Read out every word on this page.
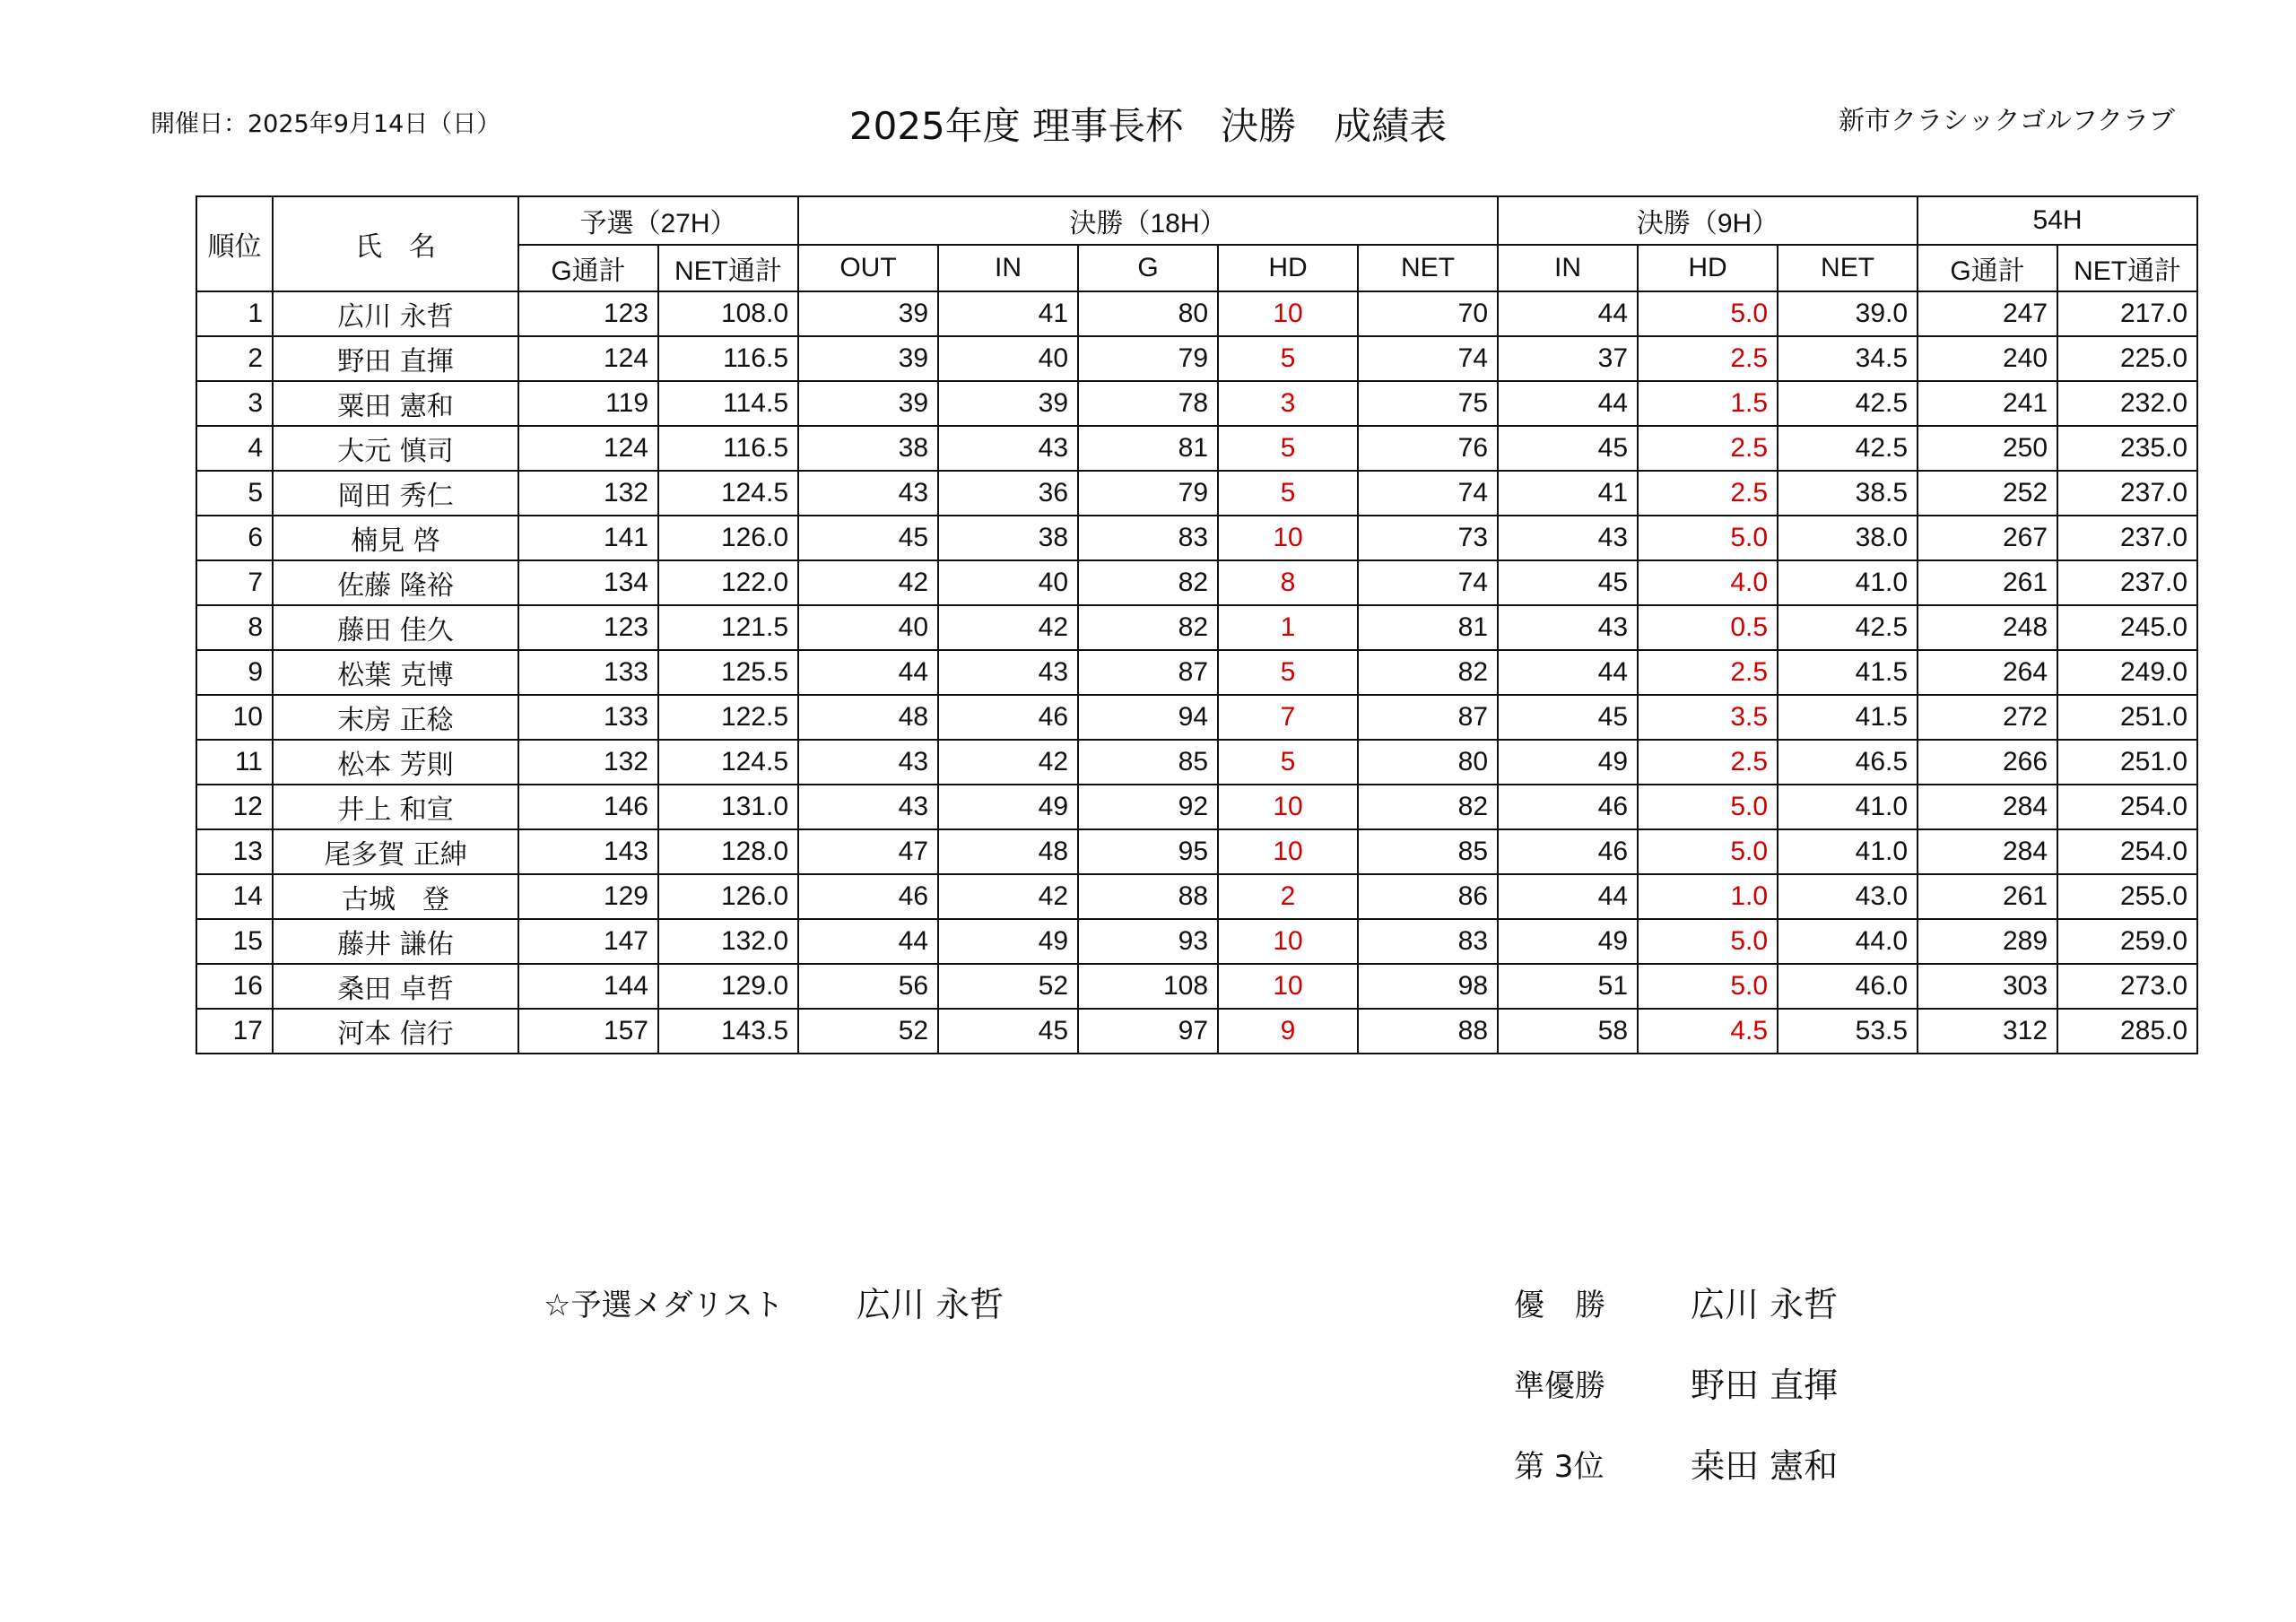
開催日：2025年9月14日（日）	2025年度 理事長杯　決勝　成績表	新市クラシックゴルフクラブ
順位	氏　名	予選（27H）		決勝（18H）					決勝（9H）			54H	
		G通計	NET通計	OUT	IN	G	HD	NET	IN	HD	NET	G通計	NET通計
1	広川 永哲	123	108.0	39	41	80	10	70	44	5.0	39.0	247	217.0
2	野田 直揮	124	116.5	39	40	79	5	74	37	2.5	34.5	240	225.0
3	粟田 憲和	119	114.5	39	39	78	3	75	44	1.5	42.5	241	232.0
4	大元 慎司	124	116.5	38	43	81	5	76	45	2.5	42.5	250	235.0
5	岡田 秀仁	132	124.5	43	36	79	5	74	41	2.5	38.5	252	237.0
6	楠見 啓	141	126.0	45	38	83	10	73	43	5.0	38.0	267	237.0
7	佐藤 隆裕	134	122.0	42	40	82	8	74	45	4.0	41.0	261	237.0
8	藤田 佳久	123	121.5	40	42	82	1	81	43	0.5	42.5	248	245.0
9	松葉 克博	133	125.5	44	43	87	5	82	44	2.5	41.5	264	249.0
10	末房 正稔	133	122.5	48	46	94	7	87	45	3.5	41.5	272	251.0
11	松本 芳則	132	124.5	43	42	85	5	80	49	2.5	46.5	266	251.0
12	井上 和宣	146	131.0	43	49	92	10	82	46	5.0	41.0	284	254.0
13	尾多賀 正紳	143	128.0	47	48	95	10	85	46	5.0	41.0	284	254.0
14	古城　登	129	126.0	46	42	88	2	86	44	1.0	43.0	261	255.0
15	藤井 謙佑	147	132.0	44	49	93	10	83	49	5.0	44.0	289	259.0
16	桑田 卓哲	144	129.0	56	52	108	10	98	51	5.0	46.0	303	273.0
17	河本 信行	157	143.5	52	45	97	9	88	58	4.5	53.5	312	285.0
☆予選メダリスト 広川 永哲	優　勝	広川 永哲
準優勝	野田 直揮
第 3位	桒田 憲和
